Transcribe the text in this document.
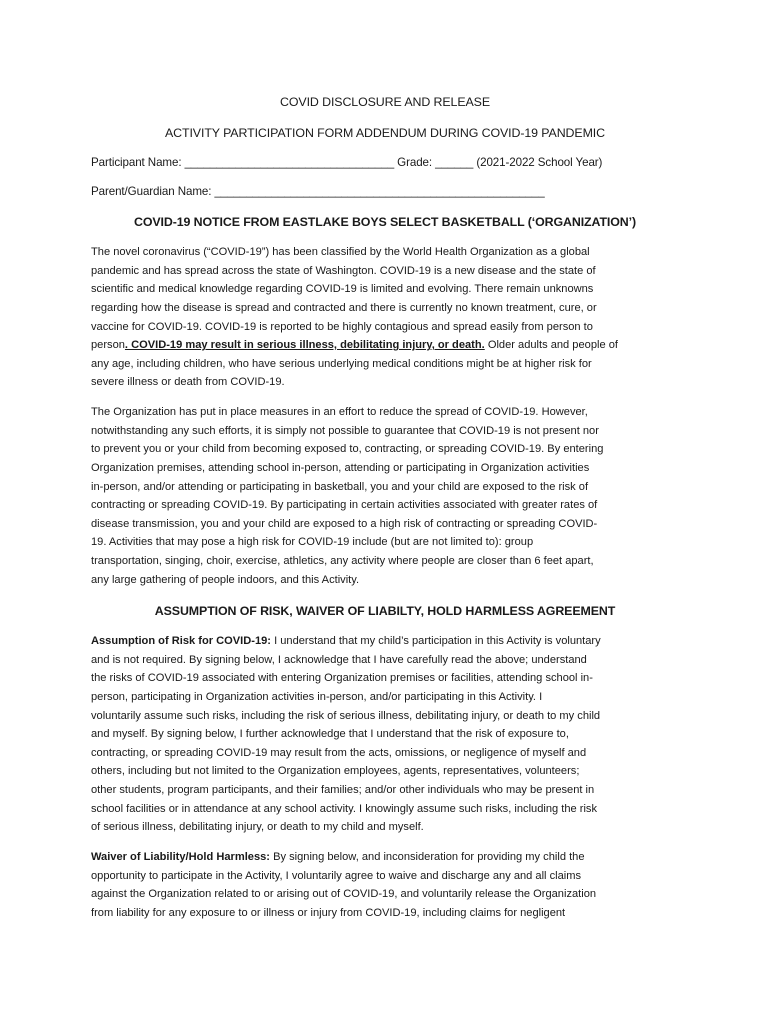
COVID DISCLOSURE AND RELEASE
ACTIVITY PARTICIPATION FORM ADDENDUM DURING COVID-19 PANDEMIC
Participant Name: _________________________________ Grade: ______ (2021-2022 School Year)
Parent/Guardian Name: ____________________________________________________
COVID-19 NOTICE FROM EASTLAKE BOYS SELECT BASKETBALL (‘ORGANIZATION’)
The novel coronavirus (“COVID-19”) has been classified by the World Health Organization as a global
pandemic and has spread across the state of Washington. COVID-19 is a new disease and the state of
scientific and medical knowledge regarding COVID-19 is limited and evolving. There remain unknowns
regarding how the disease is spread and contracted and there is currently no known treatment, cure, or
vaccine for COVID-19. COVID-19 is reported to be highly contagious and spread easily from person to
person. COVID-19 may result in serious illness, debilitating injury, or death. Older adults and people of
any age, including children, who have serious underlying medical conditions might be at higher risk for
severe illness or death from COVID-19.
The Organization has put in place measures in an effort to reduce the spread of COVID-19. However,
notwithstanding any such efforts, it is simply not possible to guarantee that COVID-19 is not present nor
to prevent you or your child from becoming exposed to, contracting, or spreading COVID-19. By entering
Organization premises, attending school in-person, attending or participating in Organization activities
in-person, and/or attending or participating in basketball, you and your child are exposed to the risk of
contracting or spreading COVID-19. By participating in certain activities associated with greater rates of
disease transmission, you and your child are exposed to a high risk of contracting or spreading COVID-
19. Activities that may pose a high risk for COVID-19 include (but are not limited to): group
transportation, singing, choir, exercise, athletics, any activity where people are closer than 6 feet apart,
any large gathering of people indoors, and this Activity.
ASSUMPTION OF RISK, WAIVER OF LIABILTY, HOLD HARMLESS AGREEMENT
Assumption of Risk for COVID-19: I understand that my child’s participation in this Activity is voluntary
and is not required. By signing below, I acknowledge that I have carefully read the above; understand
the risks of COVID-19 associated with entering Organization premises or facilities, attending school in-
person, participating in Organization activities in-person, and/or participating in this Activity. I
voluntarily assume such risks, including the risk of serious illness, debilitating injury, or death to my child
and myself. By signing below, I further acknowledge that I understand that the risk of exposure to,
contracting, or spreading COVID-19 may result from the acts, omissions, or negligence of myself and
others, including but not limited to the Organization employees, agents, representatives, volunteers;
other students, program participants, and their families; and/or other individuals who may be present in
school facilities or in attendance at any school activity. I knowingly assume such risks, including the risk
of serious illness, debilitating injury, or death to my child and myself.
Waiver of Liability/Hold Harmless: By signing below, and inconsideration for providing my child the
opportunity to participate in the Activity, I voluntarily agree to waive and discharge any and all claims
against the Organization related to or arising out of COVID-19, and voluntarily release the Organization
from liability for any exposure to or illness or injury from COVID-19, including claims for negligent
